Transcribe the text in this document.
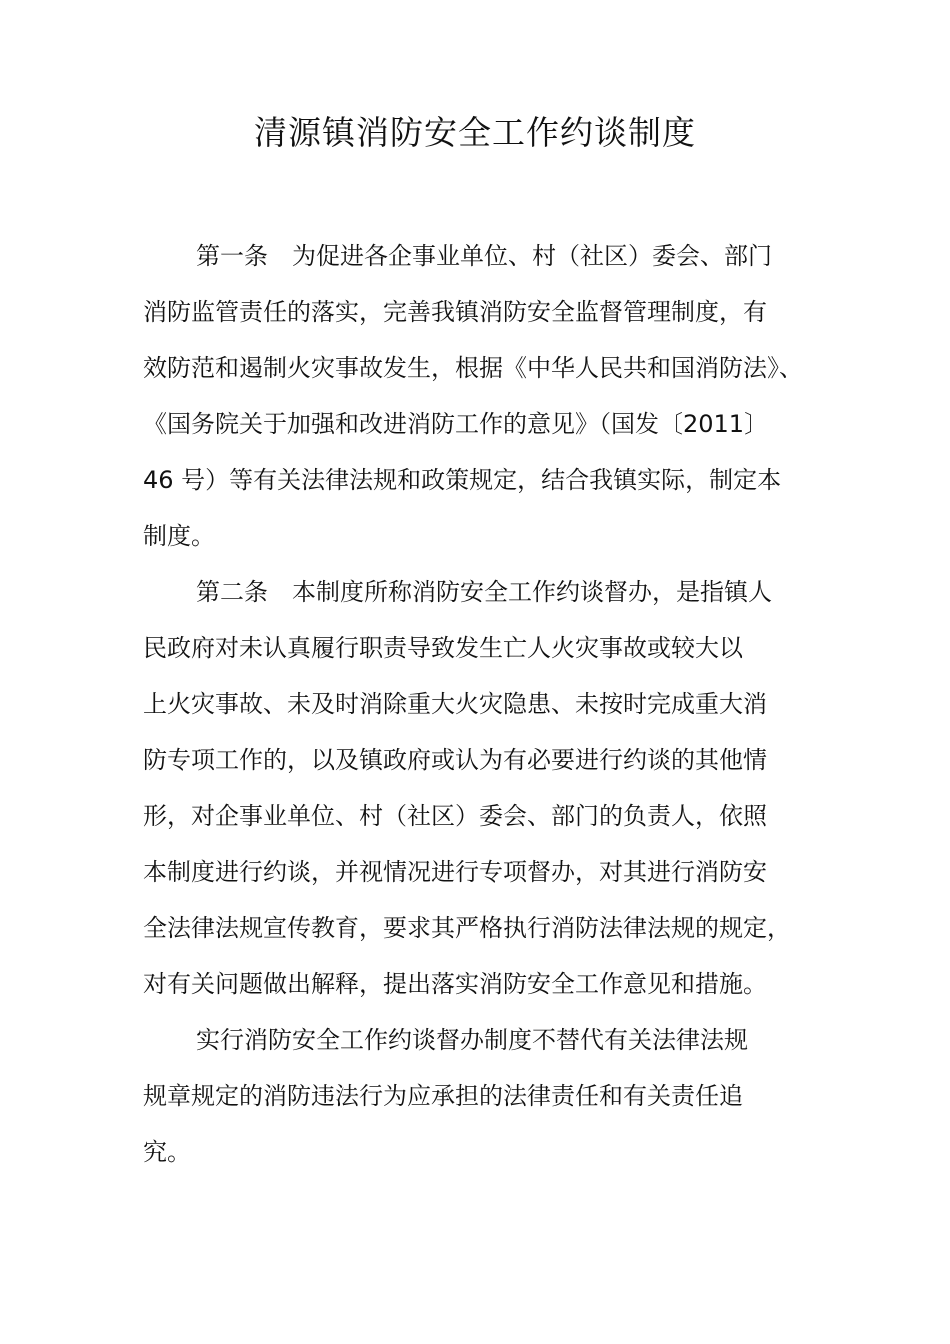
清源镇消防安全工作约谈制度
第一条　为促进各企事业单位、村（社区）委会、部门
消防监管责任的落实，完善我镇消防安全监督管理制度，有
效防范和遏制火灾事故发生，根据《中华人民共和国消防法》、
《国务院关于加强和改进消防工作的意见》（国发〔2011〕
46 号）等有关法律法规和政策规定，结合我镇实际，制定本
制度。
第二条　本制度所称消防安全工作约谈督办，是指镇人
民政府对未认真履行职责导致发生亡人火灾事故或较大以
上火灾事故、未及时消除重大火灾隐患、未按时完成重大消
防专项工作的，以及镇政府或认为有必要进行约谈的其他情
形，对企事业单位、村（社区）委会、部门的负责人，依照
本制度进行约谈，并视情况进行专项督办，对其进行消防安
全法律法规宣传教育，要求其严格执行消防法律法规的规定，
对有关问题做出解释，提出落实消防安全工作意见和措施。
实行消防安全工作约谈督办制度不替代有关法律法规
规章规定的消防违法行为应承担的法律责任和有关责任追
究。
